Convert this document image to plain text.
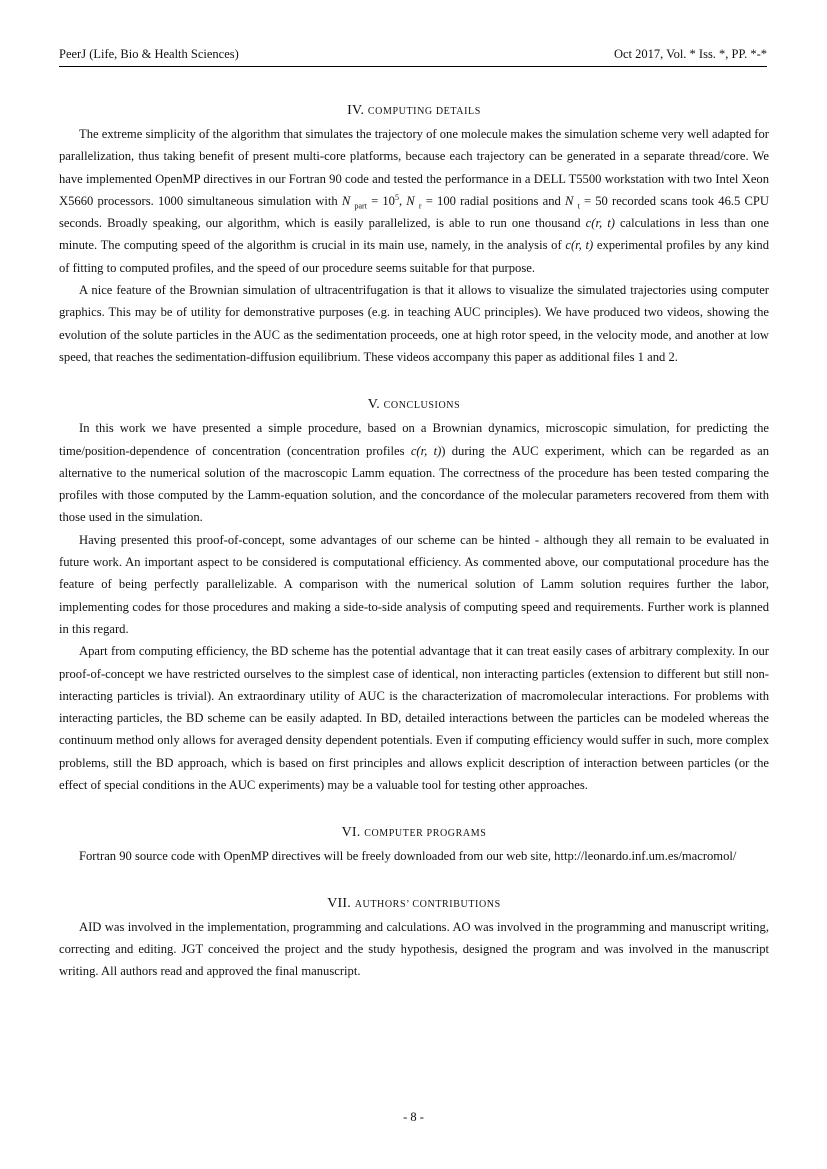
PeerJ (Life, Bio & Health Sciences)	Oct 2017, Vol. * Iss. *, PP. *-*
IV. COMPUTING DETAILS

The extreme simplicity of the algorithm that simulates the trajectory of one molecule makes the simulation scheme very well adapted for parallelization, thus taking benefit of present multi-core platforms, because each trajectory can be generated in a separate thread/core. We have implemented OpenMP directives in our Fortran 90 code and tested the performance in a DELL T5500 workstation with two Intel Xeon X5660 processors. 1000 simultaneous simulation with N $_{part} = 10^5$, N $_r$ = 100 radial positions and N $_t$ = 50 recorded scans took 46.5 CPU seconds. Broadly speaking, our algorithm, which is easily parallelized, is able to run one thousand c(r, t) calculations in less than one minute. The computing speed of the algorithm is crucial in its main use, namely, in the analysis of c(r, t) experimental profiles by any kind of fitting to computed profiles, and the speed of our procedure seems suitable for that purpose.

A nice feature of the Brownian simulation of ultracentrifugation is that it allows to visualize the simulated trajectories using computer graphics. This may be of utility for demonstrative purposes (e.g. in teaching AUC principles). We have produced two videos, showing the evolution of the solute particles in the AUC as the sedimentation proceeds, one at high rotor speed, in the velocity mode, and another at low speed, that reaches the sedimentation-diffusion equilibrium. These videos accompany this paper as additional files 1 and 2.

V. CONCLUSIONS

In this work we have presented a simple procedure, based on a Brownian dynamics, microscopic simulation, for predicting the time/position-dependence of concentration (concentration profiles c(r, t)) during the AUC experiment, which can be regarded as an alternative to the numerical solution of the macroscopic Lamm equation. The correctness of the procedure has been tested comparing the profiles with those computed by the Lamm-equation solution, and the concordance of the molecular parameters recovered from them with those used in the simulation.

Having presented this proof-of-concept, some advantages of our scheme can be hinted - although they all remain to be evaluated in future work. An important aspect to be considered is computational efficiency. As commented above, our computational procedure has the feature of being perfectly parallelizable. A comparison with the numerical solution of Lamm solution requires further the labor, implementing codes for those procedures and making a side-to-side analysis of computing speed and requirements. Further work is planned in this regard.

Apart from computing efficiency, the BD scheme has the potential advantage that it can treat easily cases of arbitrary complexity. In our proof-of-concept we have restricted ourselves to the simplest case of identical, non interacting particles (extension to different but still non-interacting particles is trivial). An extraordinary utility of AUC is the characterization of macromolecular interactions. For problems with interacting particles, the BD scheme can be easily adapted. In BD, detailed interactions between the particles can be modeled whereas the continuum method only allows for averaged density dependent potentials. Even if computing efficiency would suffer in such, more complex problems, still the BD approach, which is based on first principles and allows explicit description of interaction between particles (or the effect of special conditions in the AUC experiments) may be a valuable tool for testing other approaches.

VI. COMPUTER PROGRAMS

Fortran 90 source code with OpenMP directives will be freely downloaded from our web site, http://leonardo.inf.um.es/macromol/

VII. AUTHORS’ CONTRIBUTIONS

AID was involved in the implementation, programming and calculations. AO was involved in the programming and manuscript writing, correcting and editing. JGT conceived the project and the study hypothesis, designed the program and was involved in the manuscript writing. All authors read and approved the final manuscript.

- 8 -
